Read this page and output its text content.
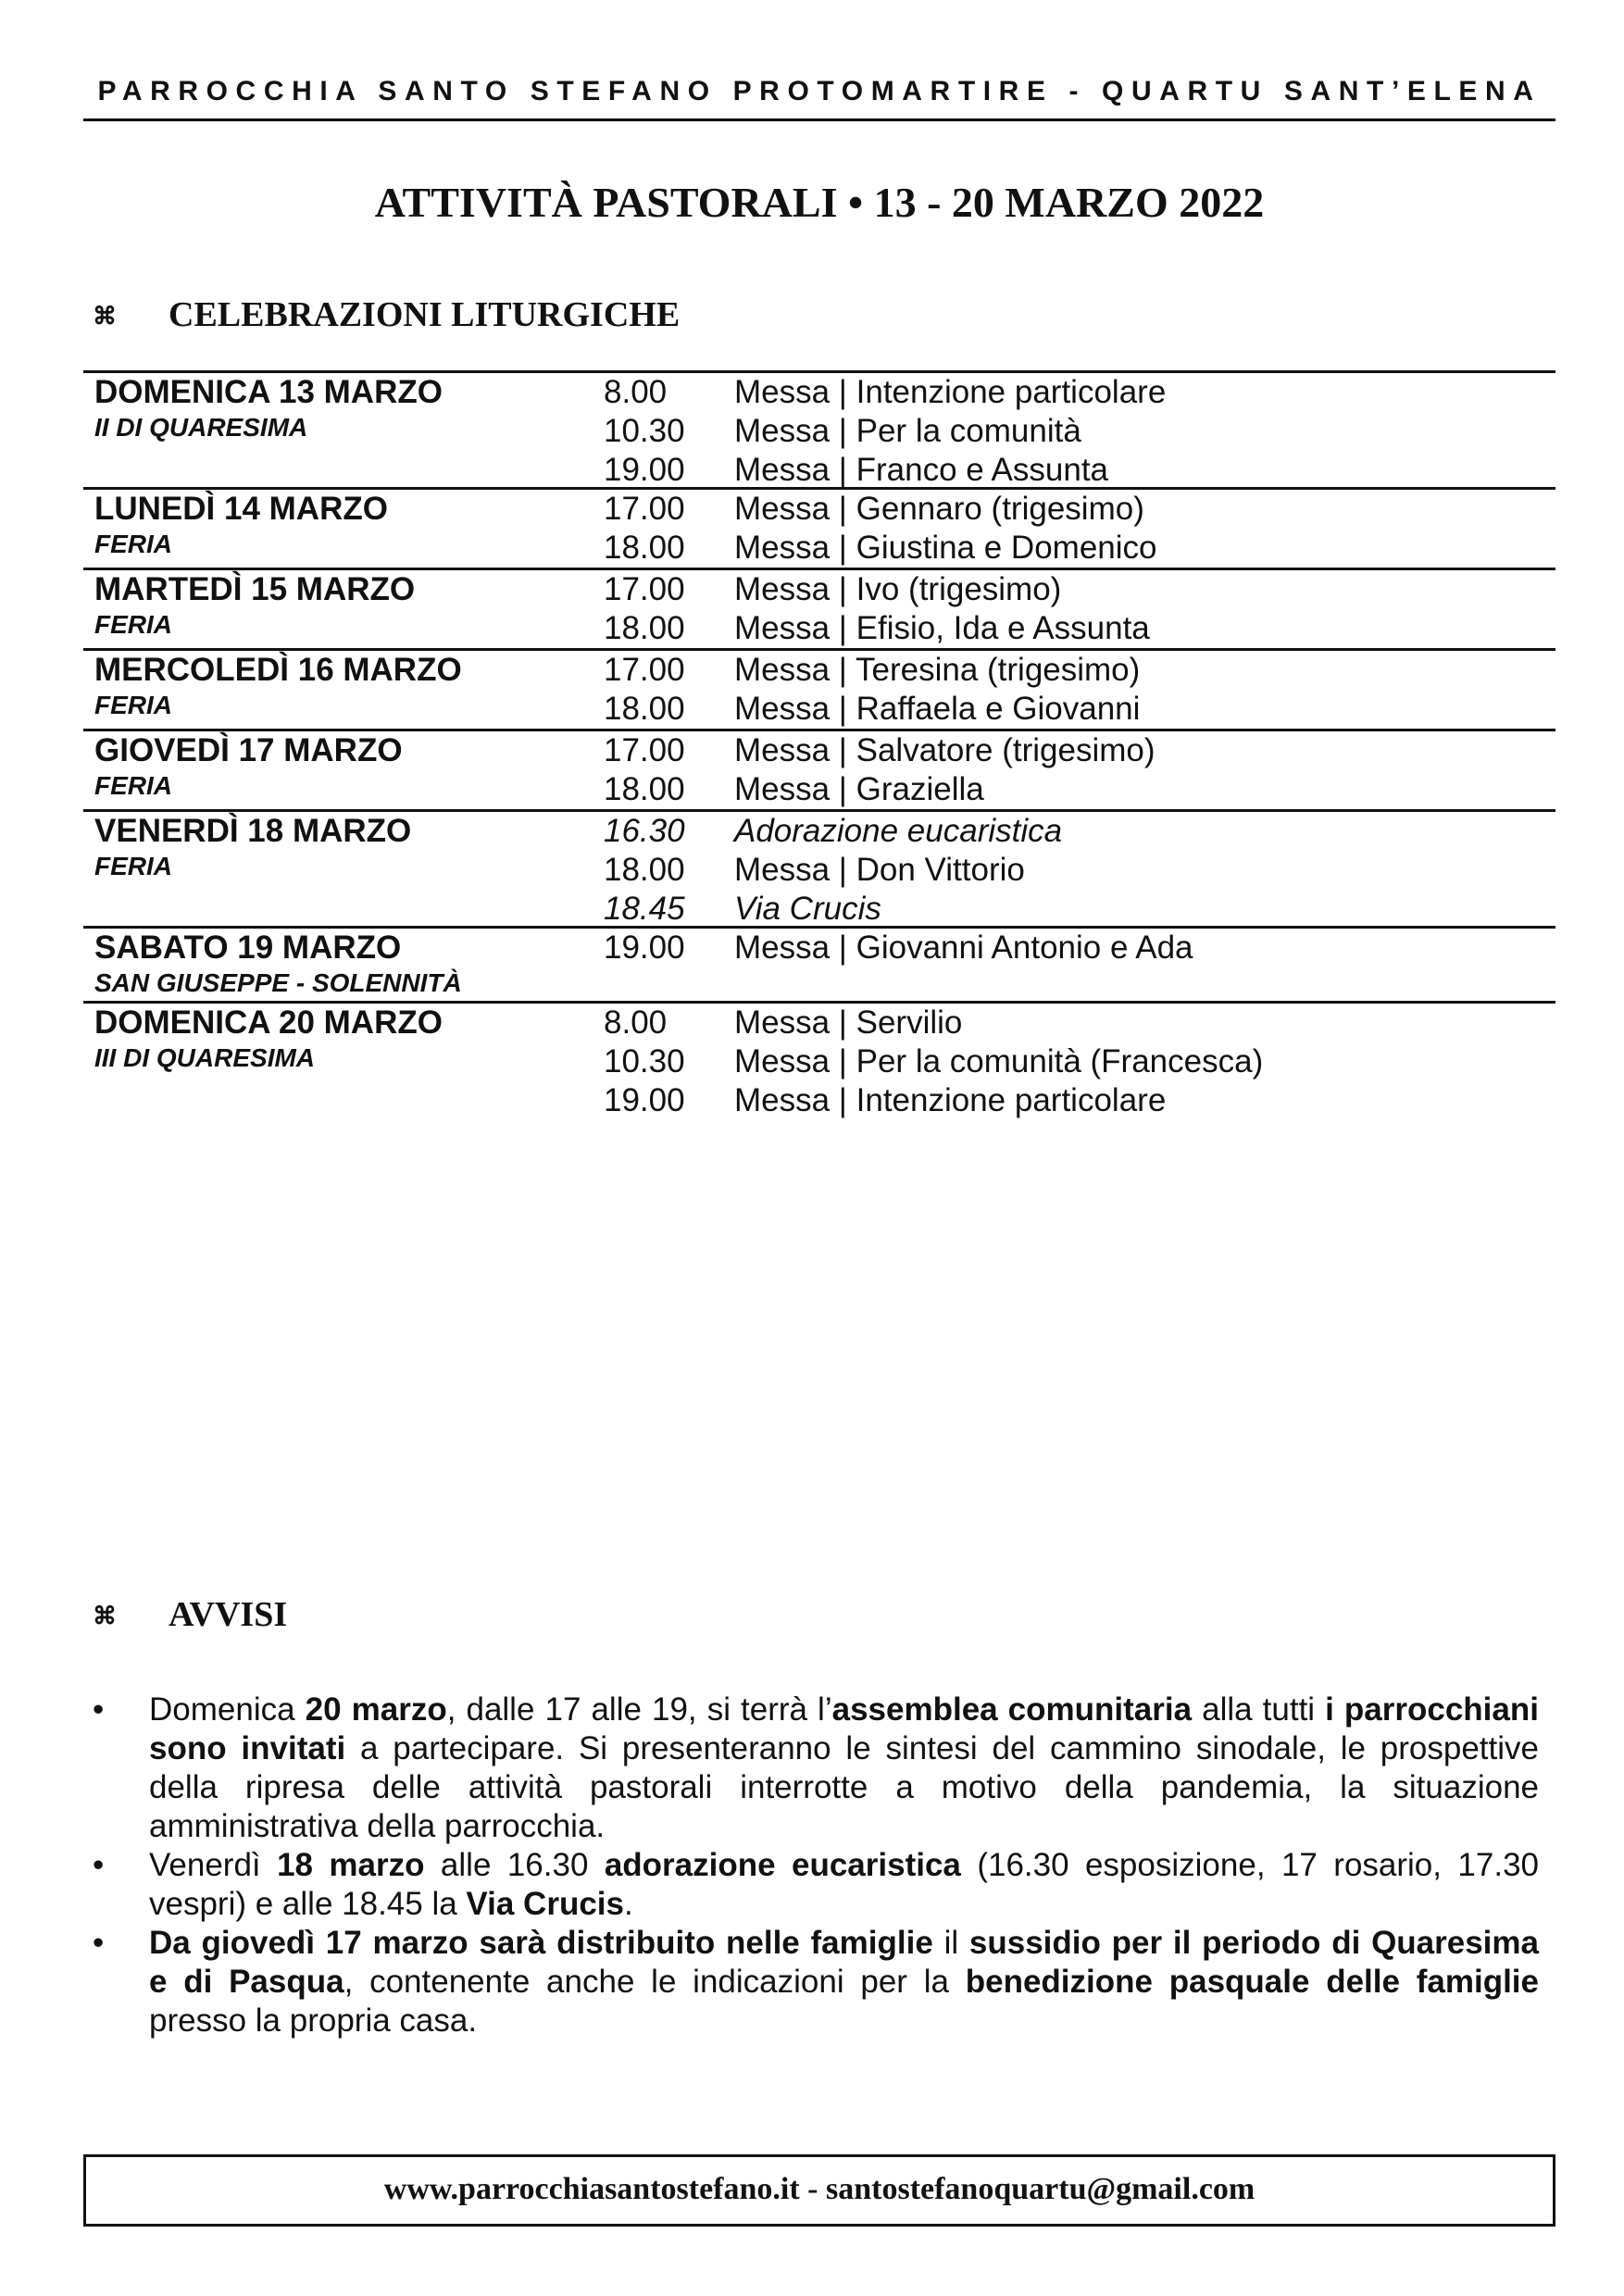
PARROCCHIA SANTO STEFANO PROTOMARTIRE - QUARTU SANT’ELENA
ATTIVITÀ PASTORALI • 13 - 20 MARZO 2022
⌘ CELEBRAZIONI LITURGICHE
DOMENICA 13 MARZO
II DI QUARESIMA
8.00	Messa | Intenzione particolare
10.30	Messa | Per la comunità
19.00	Messa | Franco e Assunta
LUNEDÌ 14 MARZO
FERIA
17.00	Messa | Gennaro (trigesimo)
18.00	Messa | Giustina e Domenico
MARTEDÌ 15 MARZO
FERIA
17.00	Messa | Ivo (trigesimo)
18.00	Messa | Efisio, Ida e Assunta
MERCOLEDÌ 16 MARZO
FERIA
17.00	Messa | Teresina (trigesimo)
18.00	Messa | Raffaela e Giovanni
GIOVEDÌ 17 MARZO
FERIA
17.00	Messa | Salvatore (trigesimo)
18.00	Messa | Graziella
VENERDÌ 18 MARZO
FERIA
16.30	Adorazione eucaristica
18.00	Messa | Don Vittorio
18.45	Via Crucis
SABATO 19 MARZO
SAN GIUSEPPE - SOLENNITÀ
19.00	Messa | Giovanni Antonio e Ada
DOMENICA 20 MARZO
III DI QUARESIMA
8.00	Messa | Servilio
10.30	Messa | Per la comunità (Francesca)
19.00	Messa | Intenzione particolare
⌘ AVVISI
• Domenica 20 marzo, dalle 17 alle 19, si terrà l’assemblea comunitaria alla tutti i parrocchiani sono invitati a partecipare. Si presenteranno le sintesi del cammino sinodale, le prospettive della ripresa delle attività pastorali interrotte a motivo della pandemia, la situazione amministrativa della parrocchia.
• Venerdì 18 marzo alle 16.30 adorazione eucaristica (16.30 esposizione, 17 rosario, 17.30 vespri) e alle 18.45 la Via Crucis.
• Da giovedì 17 marzo sarà distribuito nelle famiglie il sussidio per il periodo di Quaresima e di Pasqua, contenente anche le indicazioni per la benedizione pasquale delle famiglie presso la propria casa.
www.parrocchiasantostefano.it - santostefanoquartu@gmail.com
